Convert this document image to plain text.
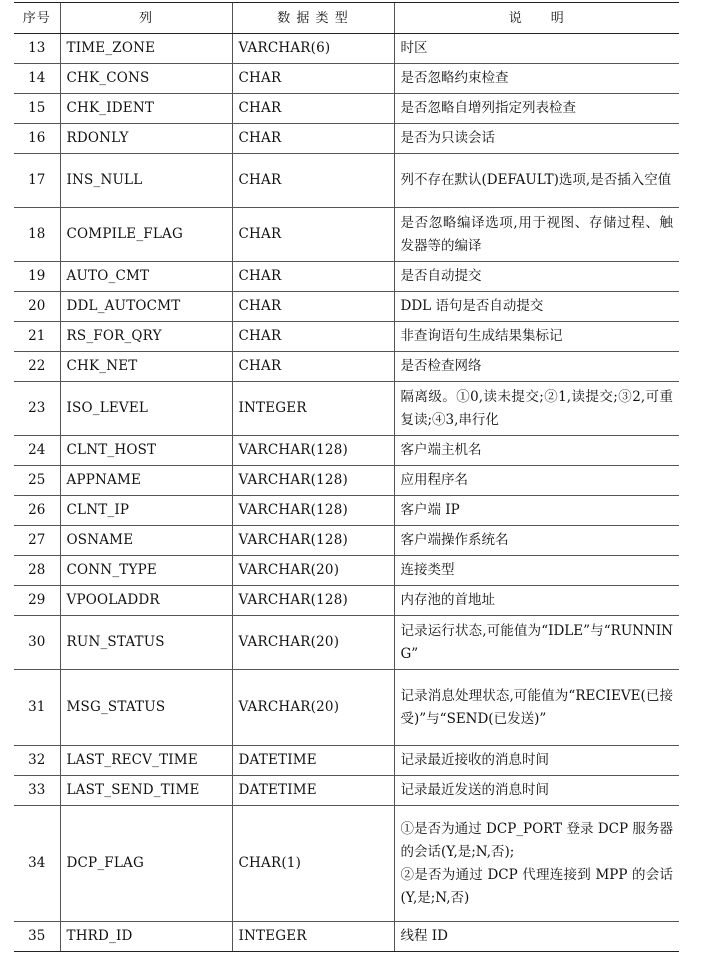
序号	列	数 据 类 型	说　　明
13	TIME_ZONE	VARCHAR(6)	时区
14	CHK_CONS	CHAR	是否忽略约束检查
15	CHK_IDENT	CHAR	是否忽略自增列指定列表检查
16	RDONLY	CHAR	是否为只读会话
17	INS_NULL	CHAR	列不存在默认(DEFAULT)选项,是否插入空值
18	COMPILE_FLAG	CHAR	是否忽略编译选项,用于视图、存储过程、触发器等的编译
19	AUTO_CMT	CHAR	是否自动提交
20	DDL_AUTOCMT	CHAR	DDL 语句是否自动提交
21	RS_FOR_QRY	CHAR	非查询语句生成结果集标记
22	CHK_NET	CHAR	是否检查网络
23	ISO_LEVEL	INTEGER	隔离级。①0,读未提交;②1,读提交;③2,可重复读;④3,串行化
24	CLNT_HOST	VARCHAR(128)	客户端主机名
25	APPNAME	VARCHAR(128)	应用程序名
26	CLNT_IP	VARCHAR(128)	客户端 IP
27	OSNAME	VARCHAR(128)	客户端操作系统名
28	CONN_TYPE	VARCHAR(20)	连接类型
29	VPOOLADDR	VARCHAR(128)	内存池的首地址
30	RUN_STATUS	VARCHAR(20)	记录运行状态,可能值为“IDLE”与“RUNNING”
31	MSG_STATUS	VARCHAR(20)	记录消息处理状态,可能值为“RECIEVE(已接受)”与“SEND(已发送)”
32	LAST_RECV_TIME	DATETIME	记录最近接收的消息时间
33	LAST_SEND_TIME	DATETIME	记录最近发送的消息时间
34	DCP_FLAG	CHAR(1)	①是否为通过 DCP_PORT 登录 DCP 服务器的会话(Y,是;N,否);
②是否为通过 DCP 代理连接到 MPP 的会话(Y,是;N,否)

35	THRD_ID	INTEGER	线程 ID
